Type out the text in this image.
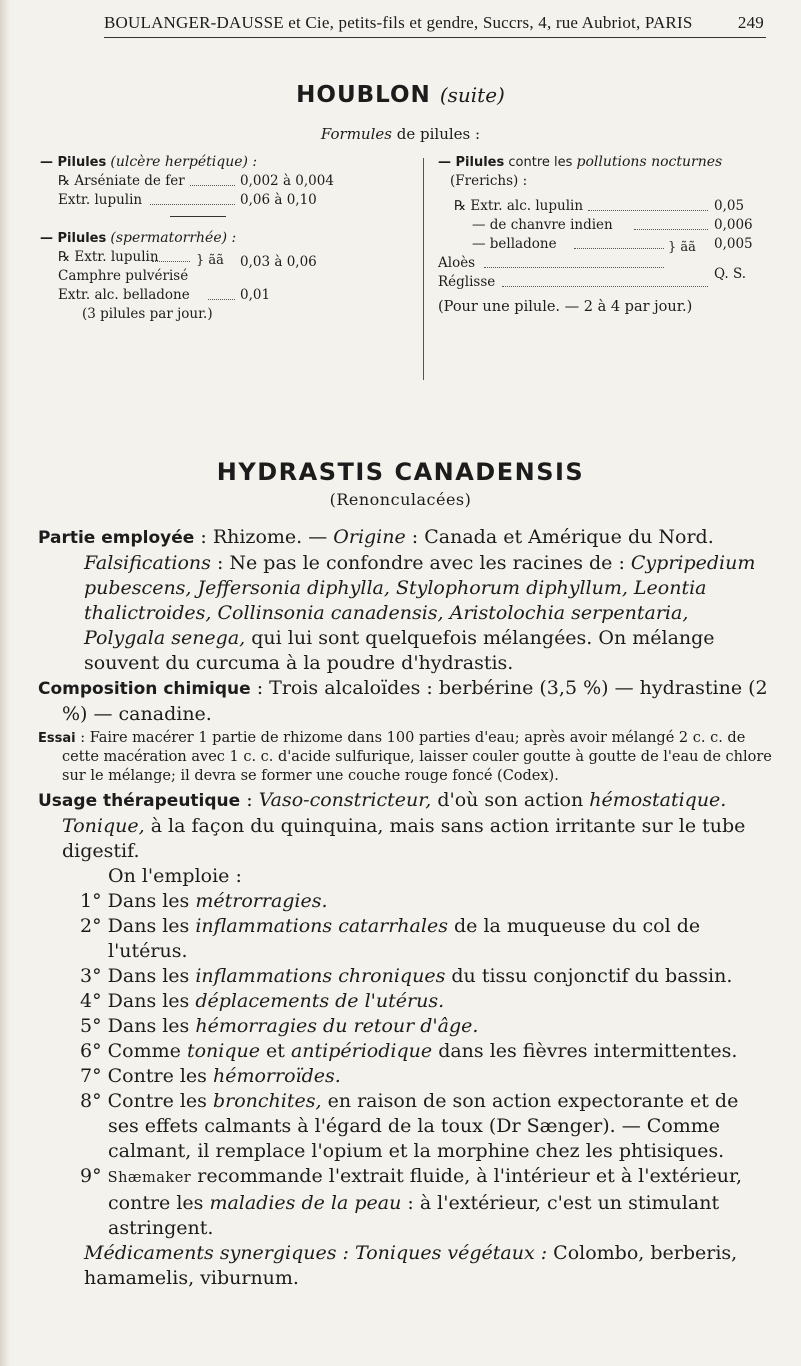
BOULANGER-DAUSSE et Cie, petits-fils et gendre, Succrs, 4, rue Aubriot, PARIS	249
HOUBLON (suite)
Formules de pilules :
— Pilules (ulcère herpétique) :
℞ Arséniate de fer	0,002 à 0,004
Extr. lupulin	0,06 à 0,10
— Pilules (spermatorrhée) :
℞ Extr. lupulin	} ãã 0,03 à 0,06
Camphre pulvérisé
Extr. alc. belladone	0,01
(3 pilules par jour.)
— Pilules contre les pollutions nocturnes
(Frerichs) :
℞ Extr. alc. lupulin	0,05
— de chanvre indien	0,006
— belladone	} ãã 0,005
Aloès
Réglisse	Q. S.
(Pour une pilule. — 2 à 4 par jour.)
HYDRASTIS CANADENSIS
(Renonculacées)

Partie employée : Rhizome. — Origine : Canada et Amérique du Nord.

Falsifications : Ne pas le confondre avec les racines de : Cypripedium pubescens, Jeffersonia diphylla, Stylophorum diphyllum, Leontia thalictroides, Collinsonia canadensis, Aristolochia serpentaria, Polygala senega, qui lui sont quelquefois mélangées. On mélange souvent du curcuma à la poudre d'hydrastis.

Composition chimique : Trois alcaloïdes : berbérine (3,5 %) — hydrastine (2 %) — canadine.

Essai : Faire macérer 1 partie de rhizome dans 100 parties d'eau; après avoir mélangé 2 c. c. de cette macération avec 1 c. c. d'acide sulfurique, laisser couler goutte à goutte de l'eau de chlore sur le mélange; il devra se former une couche rouge foncé (Codex).

Usage thérapeutique : Vaso-constricteur, d'où son action hémostatique. Tonique, à la façon du quinquina, mais sans action irritante sur le tube digestif.

On l'emploie :

1° Dans les métrorragies.

2° Dans les inflammations catarrhales de la muqueuse du col de l'utérus.

3° Dans les inflammations chroniques du tissu conjonctif du bassin.

4° Dans les déplacements de l'utérus.

5° Dans les hémorragies du retour d'âge.

6° Comme tonique et antipériodique dans les fièvres intermittentes.

7° Contre les hémorroïdes.

8° Contre les bronchites, en raison de son action expectorante et de ses effets calmants à l'égard de la toux (Dr Sænger). — Comme calmant, il remplace l'opium et la morphine chez les phtisiques.

9° Shæmaker recommande l'extrait fluide, à l'intérieur et à l'extérieur, contre les maladies de la peau : à l'extérieur, c'est un stimulant astringent.

Médicaments synergiques : Toniques végétaux : Colombo, berberis, hamamelis, viburnum.
